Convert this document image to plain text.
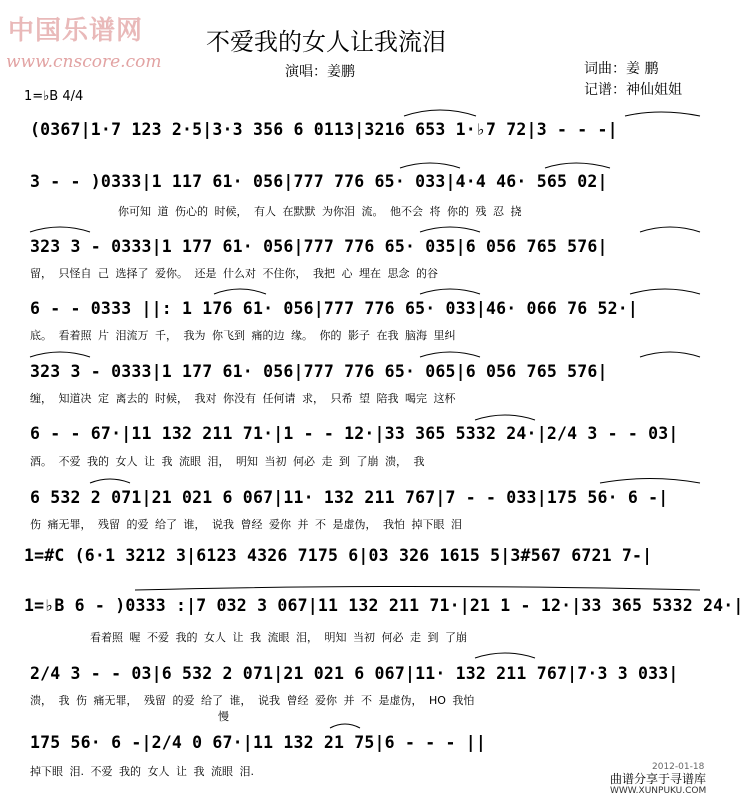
中国乐谱网
www.cnscore.com
不爱我的女人让我流泪
演唱：姜鹏	词曲：姜 鹏
记谱：神仙姐姐
1=♭B 4/4
(0367|1·7 123 2·5|3·3 356 6 0113|3216 653 1·♭7 72|3 - - -|
3 - - )0333|1 117 61· 056|777 776 65· 033|4·4 46· 565 02|
你可知 道 伤心的 时候， 有人 在默默 为你泪 流。 他不会 将 你的 残 忍 挠
323 3 - 0333|1 177 61· 056|777 776 65· 035|6 056 765 576|
留， 只怪自 己 选择了 爱你。 还是 什么对 不住你， 我把 心 埋在 思念 的谷
6 - - 0333 ||: 1 176 61· 056|777 776 65· 033|46· 066 76 52·|
底。 看着照 片 泪流万 千， 我为 你飞到 痛的边 缘。 你的 影子 在我 脑海 里纠
323 3 - 0333|1 177 61· 056|777 776 65· 065|6 056 765 576|
缠， 知道决 定 离去的 时候， 我对 你没有 任何请 求， 只希 望 陪我 喝完 这杯
6 - - 67·|11 132 211 71·|1 - - 12·|33 365 5332 24·|2/4 3 - - 03|
酒。 不爱 我的 女人 让 我 流眼 泪， 明知 当初 何必 走 到 了崩 溃， 我
6 532 2 071|21 021 6 067|11· 132 211 767|7 - - 033|175 56· 6 -|
伤 痛无罪， 残留 的爱 给了 谁， 说我 曾经 爱你 并 不 是虚伪， 我怕 掉下眼 泪
1=#C (6·1 3212 3|6123 4326 7175 6|03 326 1615 5|3#567 6721 7-|
1=♭B 6 - )0333 :|7 032 3 067|11 132 211 71·|21 1 - 12·|33 365 5332 24·|
看着照 喔 不爱 我的 女人 让 我 流眼 泪， 明知 当初 何必 走 到 了崩
2/4 3 - - 03|6 532 2 071|21 021 6 067|11· 132 211 767|7·3 3 033|
溃， 我 伤 痛无罪， 残留 的爱 给了 谁， 说我 曾经 爱你 并 不 是虚伪， HO 我怕
慢
175 56· 6 -|2/4 0 67·|11 132 21 75|6 - - - ||
掉下眼 泪. 不爱 我的 女人 让 我 流眼 泪.	2012-01-18
曲谱分享于寻谱库
WWW.XUNPUKU.COM
